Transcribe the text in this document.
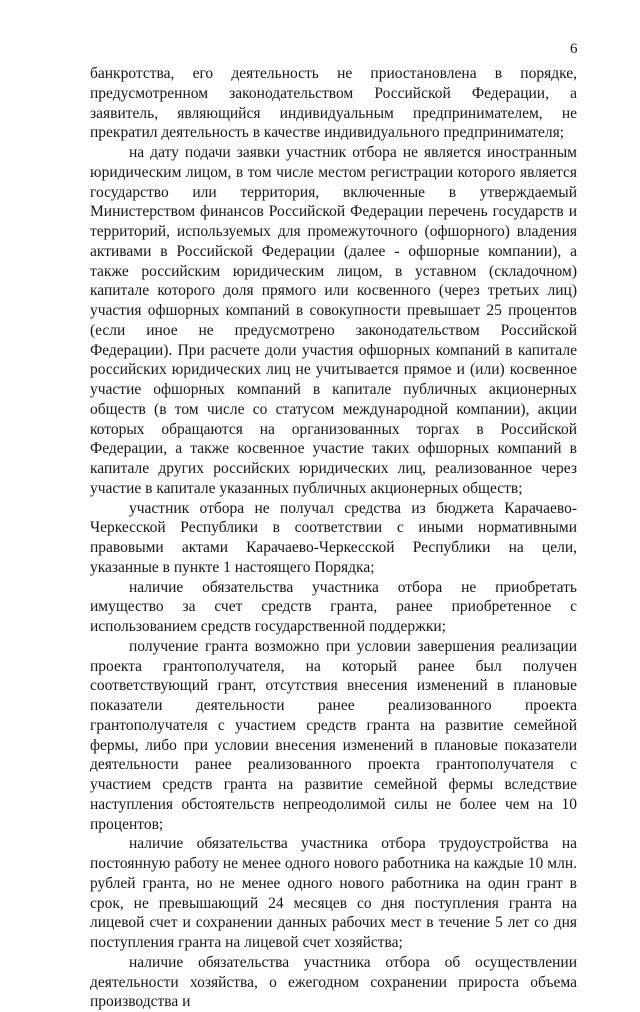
6

банкротства, его деятельность не приостановлена в порядке, предусмотренном законодательством Российской Федерации, а заявитель, являющийся индивидуальным предпринимателем, не прекратил деятельность в качестве индивидуального предпринимателя;

на дату подачи заявки участник отбора не является иностранным юридическим лицом, в том числе местом регистрации которого является государство или территория, включенные в утверждаемый Министерством финансов Российской Федерации перечень государств и территорий, используемых для промежуточного (офшорного) владения активами в Российской Федерации (далее - офшорные компании), а также российским юридическим лицом, в уставном (складочном) капитале которого доля прямого или косвенного (через третьих лиц) участия офшорных компаний в совокупности превышает 25 процентов (если иное не предусмотрено законодательством Российской Федерации). При расчете доли участия офшорных компаний в капитале российских юридических лиц не учитывается прямое и (или) косвенное участие офшорных компаний в капитале публичных акционерных обществ (в том числе со статусом международной компании), акции которых обращаются на организованных торгах в Российской Федерации, а также косвенное участие таких офшорных компаний в капитале других российских юридических лиц, реализованное через участие в капитале указанных публичных акционерных обществ;

участник отбора не получал средства из бюджета Карачаево-Черкесской Республики в соответствии с иными нормативными правовыми актами Карачаево-Черкесской Республики на цели, указанные в пункте 1 настоящего Порядка;

наличие обязательства участника отбора не приобретать имущество за счет средств гранта, ранее приобретенное с использованием средств государственной поддержки;

получение гранта возможно при условии завершения реализации проекта грантополучателя, на который ранее был получен соответствующий грант, отсутствия внесения изменений в плановые показатели деятельности ранее реализованного проекта грантополучателя с участием средств гранта на развитие семейной фермы, либо при условии внесения изменений в плановые показатели деятельности ранее реализованного проекта грантополучателя с участием средств гранта на развитие семейной фермы вследствие наступления обстоятельств непреодолимой силы не более чем на 10 процентов;

наличие обязательства участника отбора трудоустройства на постоянную работу не менее одного нового работника на каждые 10 млн. рублей гранта, но не менее одного нового работника на один грант в срок, не превышающий 24 месяцев со дня поступления гранта на лицевой счет и сохранении данных рабочих мест в течение 5 лет со дня поступления гранта на лицевой счет хозяйства;

наличие обязательства участника отбора об осуществлении деятельности хозяйства, о ежегодном сохранении прироста объема производства и
